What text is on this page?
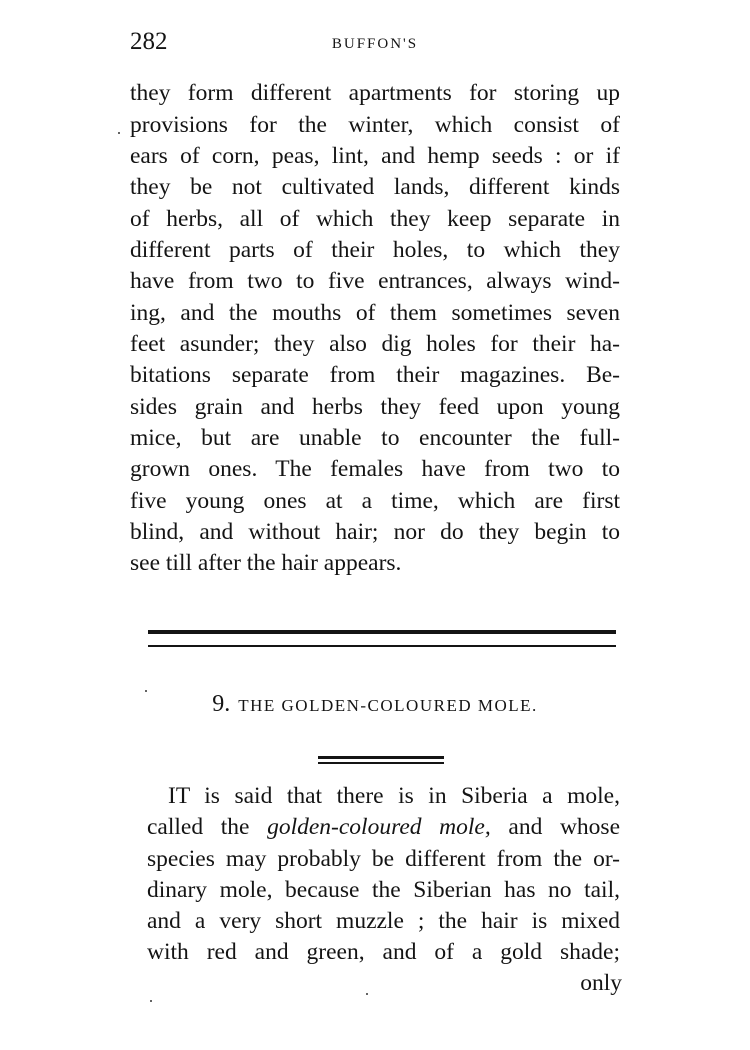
282	BUFFON'S
they form different apartments for storing up
provisions for the winter, which consist of
ears of corn, peas, lint, and hemp seeds : or if
they be not cultivated lands, different kinds
of herbs, all of which they keep separate in
different parts of their holes, to which they
have from two to five entrances, always wind-
ing, and the mouths of them sometimes seven
feet asunder; they also dig holes for their ha-
bitations separate from their magazines. Be-
sides grain and herbs they feed upon young
mice, but are unable to encounter the full-
grown ones. The females have from two to
five young ones at a time, which are first
blind, and without hair; nor do they begin to
see till after the hair appears.
9. THE GOLDEN-COLOURED MOLE.
IT is said that there is in Siberia a mole,
called the golden-coloured mole, and whose
species may probably be different from the or-
dinary mole, because the Siberian has no tail,
and a very short muzzle ; the hair is mixed
with red and green, and of a gold shade;
only
